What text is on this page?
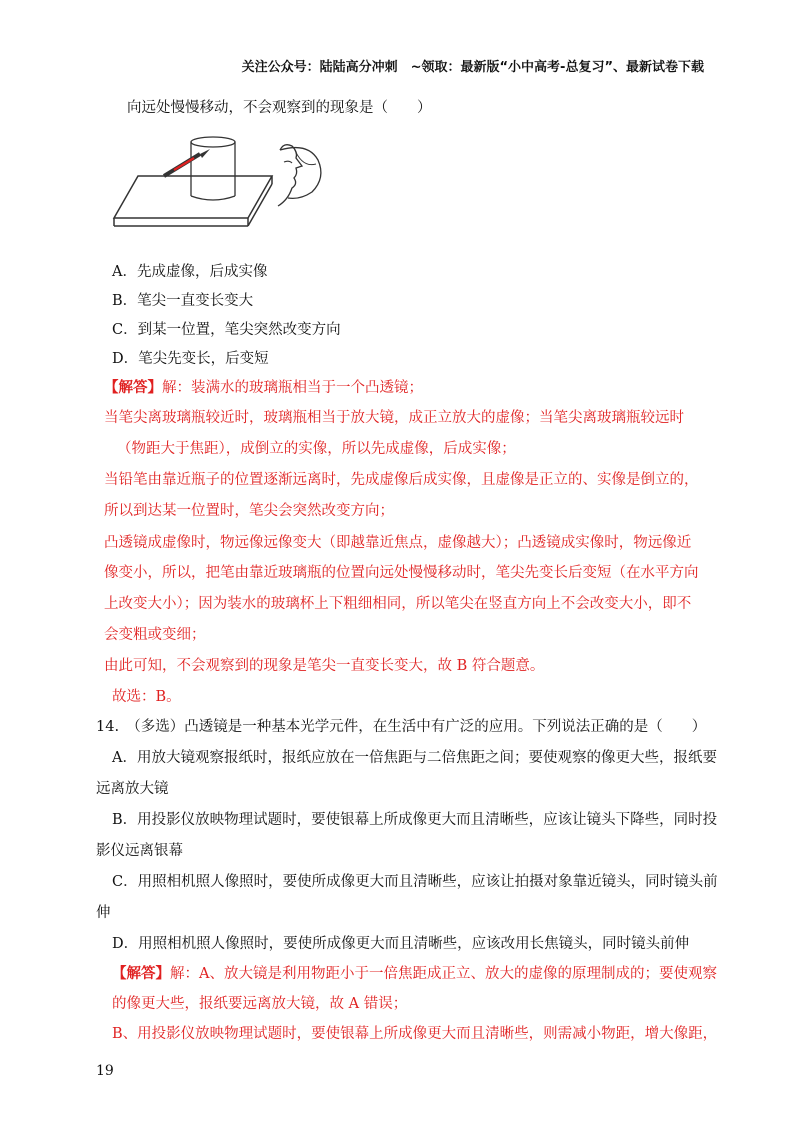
关注公众号：陆陆高分冲刺　~领取：最新版“小中高考-总复习”、最新试卷下载
向远处慢慢移动，不会观察到的现象是（　　）
A．先成虚像，后成实像
B．笔尖一直变长变大
C．到某一位置，笔尖突然改变方向
D．笔尖先变长，后变短
【解答】解：装满水的玻璃瓶相当于一个凸透镜；
当笔尖离玻璃瓶较近时，玻璃瓶相当于放大镜，成正立放大的虚像；当笔尖离玻璃瓶较远时
（物距大于焦距），成倒立的实像，所以先成虚像，后成实像；
当铅笔由靠近瓶子的位置逐渐远离时，先成虚像后成实像，且虚像是正立的、实像是倒立的，
所以到达某一位置时，笔尖会突然改变方向；
凸透镜成虚像时，物远像远像变大（即越靠近焦点，虚像越大）；凸透镜成实像时，物远像近
像变小，所以，把笔由靠近玻璃瓶的位置向远处慢慢移动时，笔尖先变长后变短（在水平方向
上改变大小）；因为装水的玻璃杯上下粗细相同，所以笔尖在竖直方向上不会改变大小，即不
会变粗或变细；
由此可知，不会观察到的现象是笔尖一直变长变大，故 B 符合题意。
故选：B。
14.　（多选）凸透镜是一种基本光学元件，在生活中有广泛的应用。下列说法正确的是（　　）
A．用放大镜观察报纸时，报纸应放在一倍焦距与二倍焦距之间；要使观察的像更大些，报纸要
远离放大镜
B．用投影仪放映物理试题时，要使银幕上所成像更大而且清晰些，应该让镜头下降些，同时投
影仪远离银幕
C．用照相机照人像照时，要使所成像更大而且清晰些，应该让拍摄对象靠近镜头，同时镜头前
伸
D．用照相机照人像照时，要使所成像更大而且清晰些，应该改用长焦镜头，同时镜头前伸
【解答】解：A、放大镜是利用物距小于一倍焦距成正立、放大的虚像的原理制成的；要使观察
的像更大些，报纸要远离放大镜，故 A 错误；
B、用投影仪放映物理试题时，要使银幕上所成像更大而且清晰些，则需减小物距，增大像距，
19
